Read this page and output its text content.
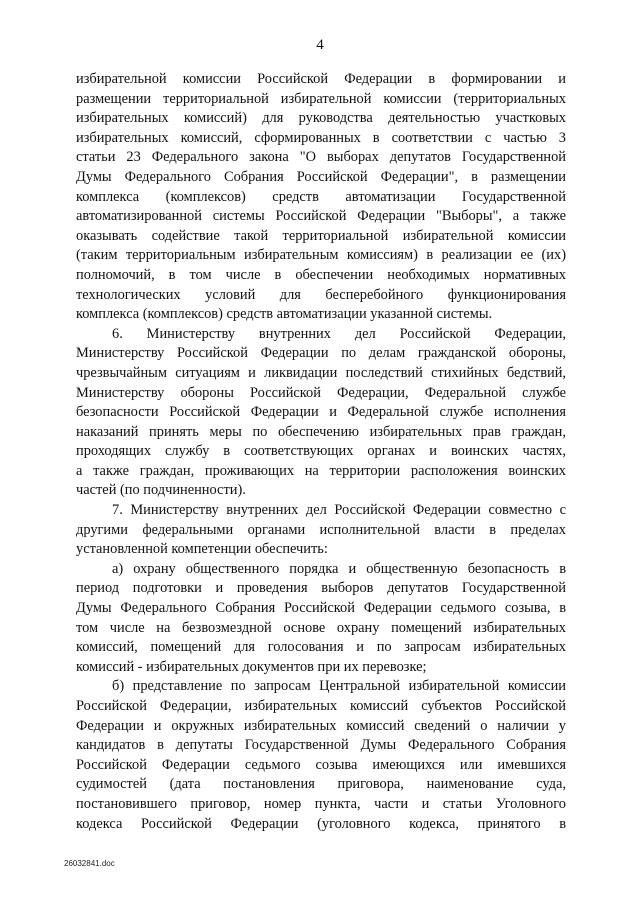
4
избирательной комиссии Российской Федерации в формировании и
размещении территориальной избирательной комиссии (территориальных
избирательных комиссий) для руководства деятельностью участковых
избирательных комиссий, сформированных в соответствии с частью 3
статьи 23 Федерального закона "О выборах депутатов Государственной
Думы Федерального Собрания Российской Федерации", в размещении
комплекса (комплексов) средств автоматизации Государственной
автоматизированной системы Российской Федерации "Выборы", а также
оказывать содействие такой территориальной избирательной комиссии
(таким территориальным избирательным комиссиям) в реализации ее (их)
полномочий, в том числе в обеспечении необходимых нормативных
технологических условий для бесперебойного функционирования
комплекса (комплексов) средств автоматизации указанной системы.
6. Министерству внутренних дел Российской Федерации,
Министерству Российской Федерации по делам гражданской обороны,
чрезвычайным ситуациям и ликвидации последствий стихийных бедствий,
Министерству обороны Российской Федерации, Федеральной службе
безопасности Российской Федерации и Федеральной службе исполнения
наказаний принять меры по обеспечению избирательных прав граждан,
проходящих службу в соответствующих органах и воинских частях,
а также граждан, проживающих на территории расположения воинских
частей (по подчиненности).
7. Министерству внутренних дел Российской Федерации совместно с
другими федеральными органами исполнительной власти в пределах
установленной компетенции обеспечить:
а) охрану общественного порядка и общественную безопасность в
период подготовки и проведения выборов депутатов Государственной
Думы Федерального Собрания Российской Федерации седьмого созыва, в
том числе на безвозмездной основе охрану помещений избирательных
комиссий, помещений для голосования и по запросам избирательных
комиссий - избирательных документов при их перевозке;
б) представление по запросам Центральной избирательной комиссии
Российской Федерации, избирательных комиссий субъектов Российской
Федерации и окружных избирательных комиссий сведений о наличии у
кандидатов в депутаты Государственной Думы Федерального Собрания
Российской Федерации седьмого созыва имеющихся или имевшихся
судимостей (дата постановления приговора, наименование суда,
постановившего приговор, номер пункта, части и статьи Уголовного
кодекса Российской Федерации (уголовного кодекса, принятого в
26032841.doc
